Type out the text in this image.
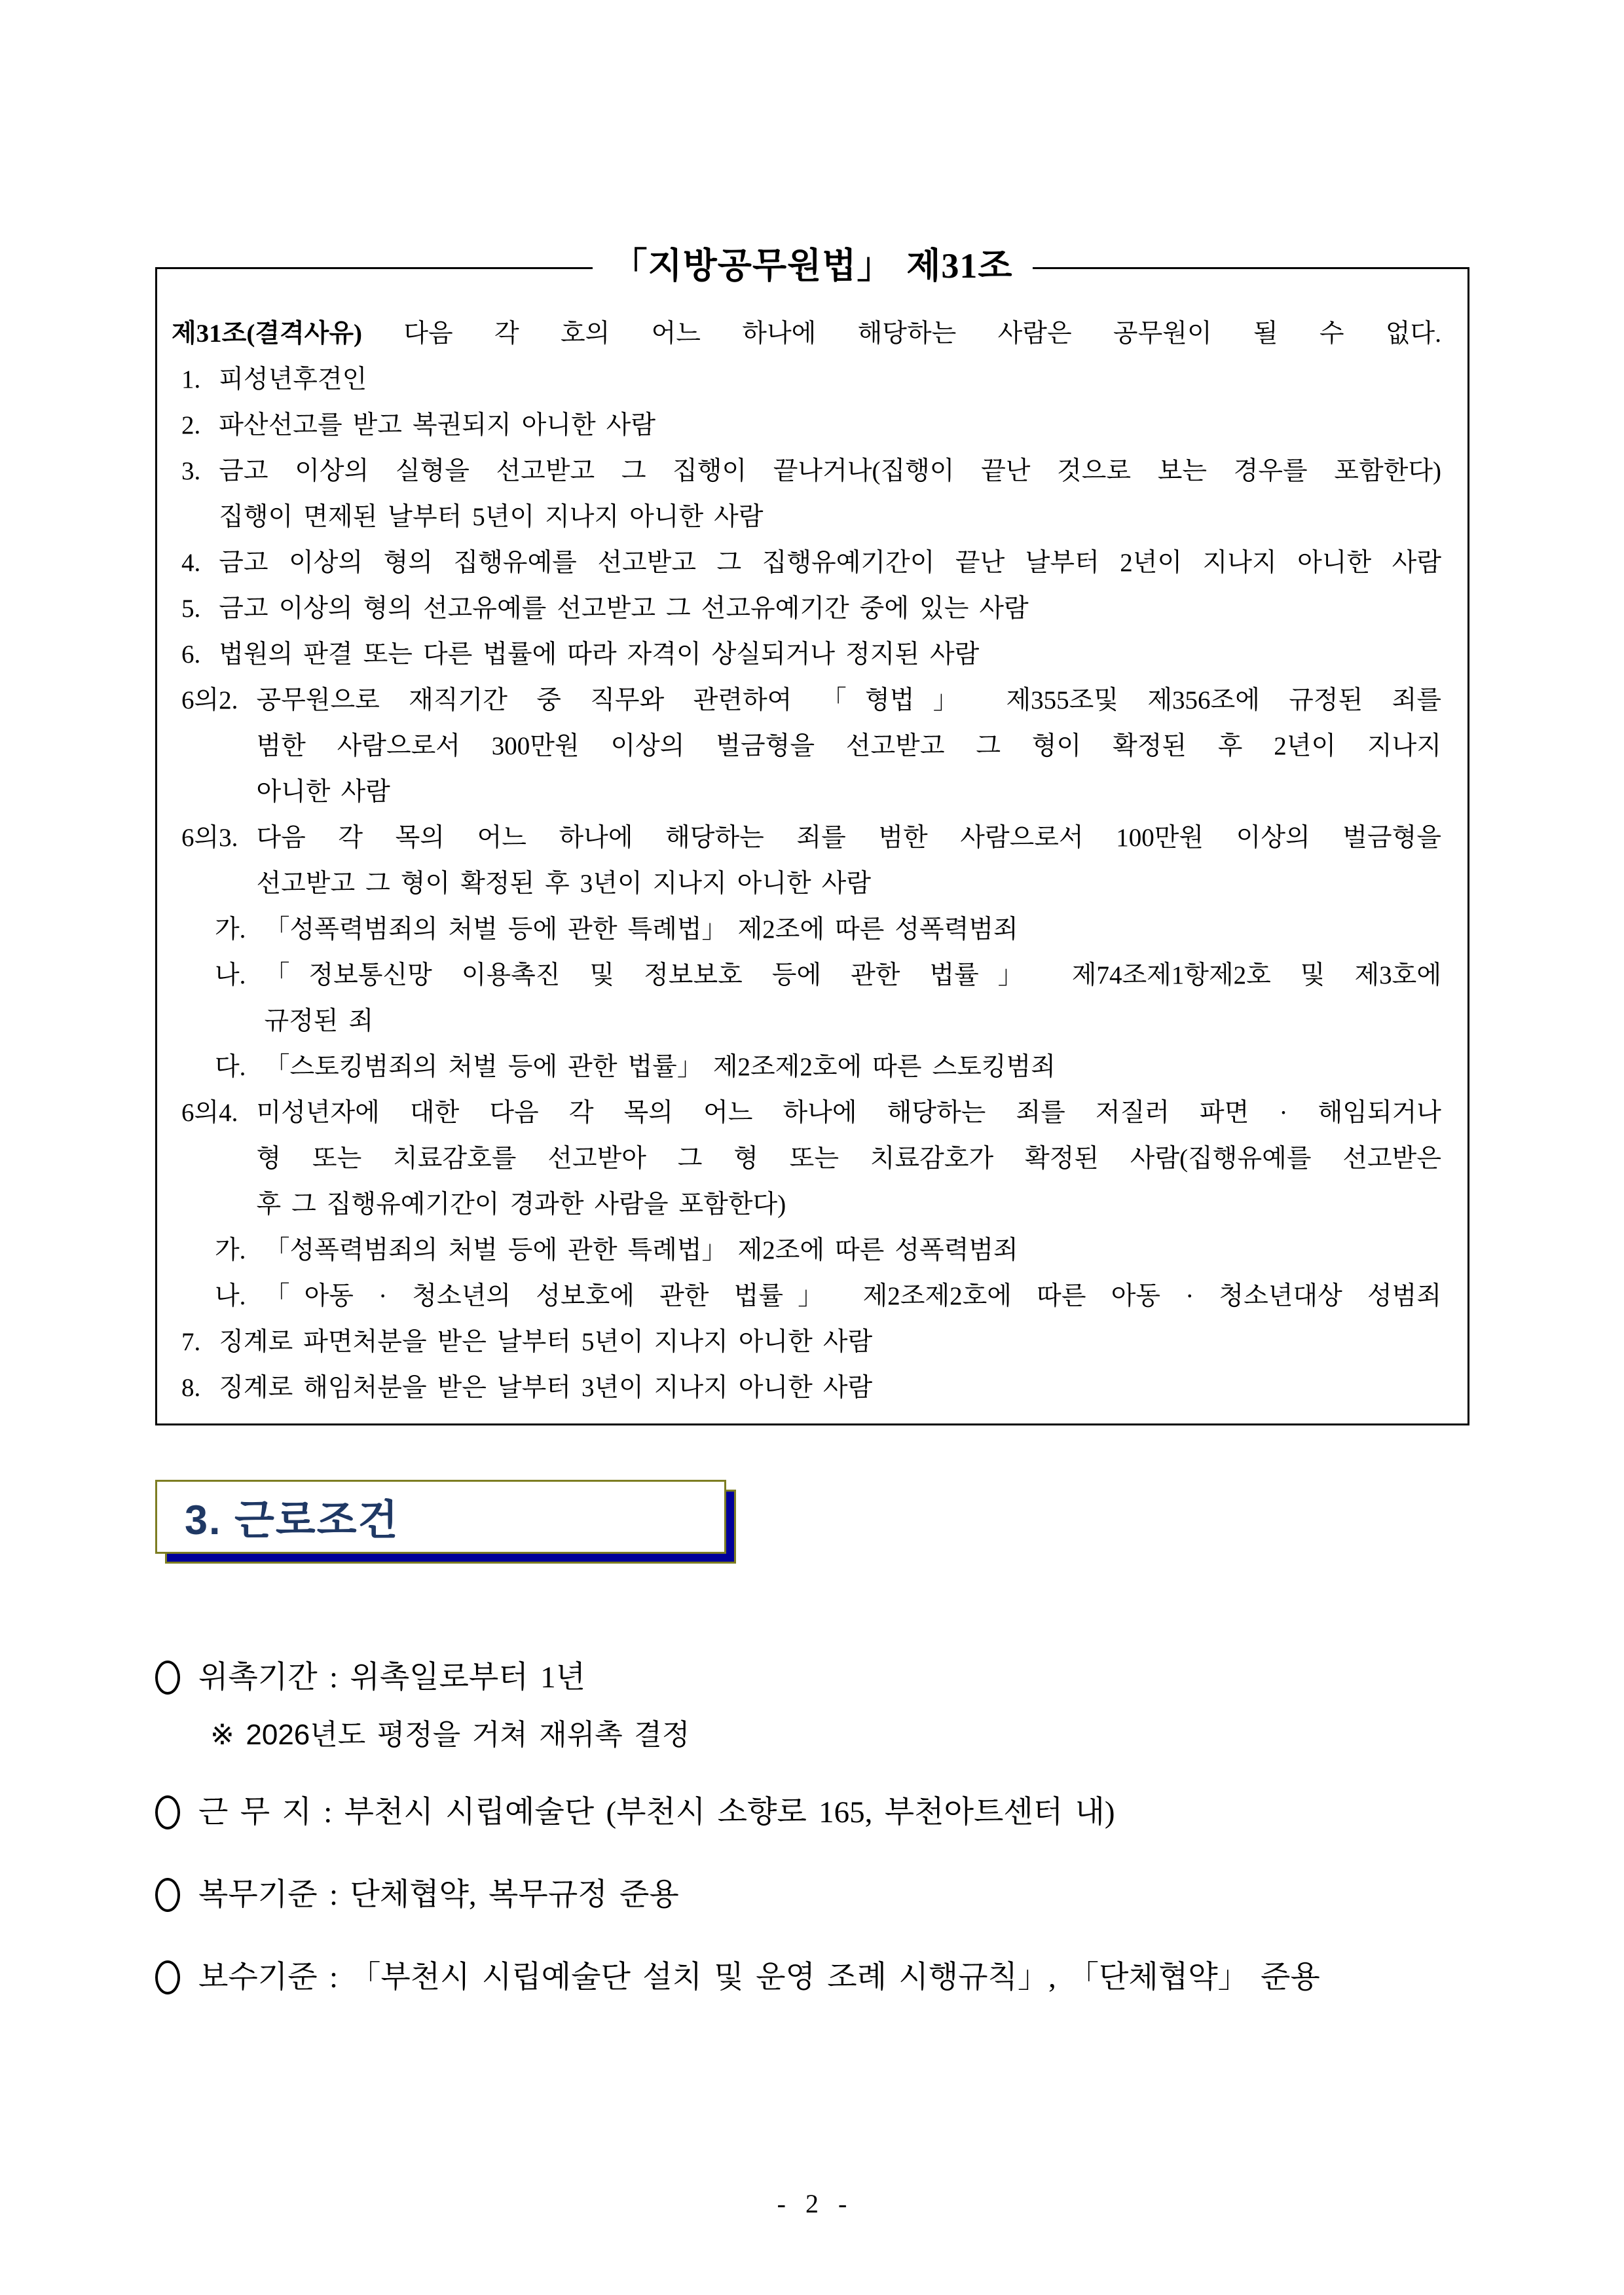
「지방공무원법」 제31조
제31조(결격사유) 다음 각 호의 어느 하나에 해당하는 사람은 공무원이 될 수 없다.
1. 피성년후견인
2. 파산선고를 받고 복권되지 아니한 사람
3. 금고 이상의 실형을 선고받고 그 집행이 끝나거나(집행이 끝난 것으로 보는 경우를 포함한다)
집행이 면제된 날부터 5년이 지나지 아니한 사람
4. 금고 이상의 형의 집행유예를 선고받고 그 집행유예기간이 끝난 날부터 2년이 지나지 아니한 사람
5. 금고 이상의 형의 선고유예를 선고받고 그 선고유예기간 중에 있는 사람
6. 법원의 판결 또는 다른 법률에 따라 자격이 상실되거나 정지된 사람
6의2. 공무원으로 재직기간 중 직무와 관련하여 「형법」 제355조및 제356조에 규정된 죄를
범한 사람으로서 300만원 이상의 벌금형을 선고받고 그 형이 확정된 후 2년이 지나지
아니한 사람
6의3. 다음 각 목의 어느 하나에 해당하는 죄를 범한 사람으로서 100만원 이상의 벌금형을
선고받고 그 형이 확정된 후 3년이 지나지 아니한 사람
가. 「성폭력범죄의 처벌 등에 관한 특례법」 제2조에 따른 성폭력범죄
나. 「정보통신망 이용촉진 및 정보보호 등에 관한 법률」 제74조제1항제2호 및 제3호에
규정된 죄
다. 「스토킹범죄의 처벌 등에 관한 법률」 제2조제2호에 따른 스토킹범죄
6의4. 미성년자에 대한 다음 각 목의 어느 하나에 해당하는 죄를 저질러 파면 · 해임되거나
형 또는 치료감호를 선고받아 그 형 또는 치료감호가 확정된 사람(집행유예를 선고받은
후 그 집행유예기간이 경과한 사람을 포함한다)
가. 「성폭력범죄의 처벌 등에 관한 특례법」 제2조에 따른 성폭력범죄
나. 「아동 · 청소년의 성보호에 관한 법률」 제2조제2호에 따른 아동 · 청소년대상 성범죄
7. 징계로 파면처분을 받은 날부터 5년이 지나지 아니한 사람
8. 징계로 해임처분을 받은 날부터 3년이 지나지 아니한 사람
3. 근로조건
위촉기간 : 위촉일로부터 1년
※ 2026년도 평정을 거쳐 재위촉 결정
근 무 지 : 부천시 시립예술단 (부천시 소향로 165, 부천아트센터 내)
복무기준 : 단체협약, 복무규정 준용
보수기준 : 「부천시 시립예술단 설치 및 운영 조례 시행규칙」, 「단체협약」 준용
- 2 -
